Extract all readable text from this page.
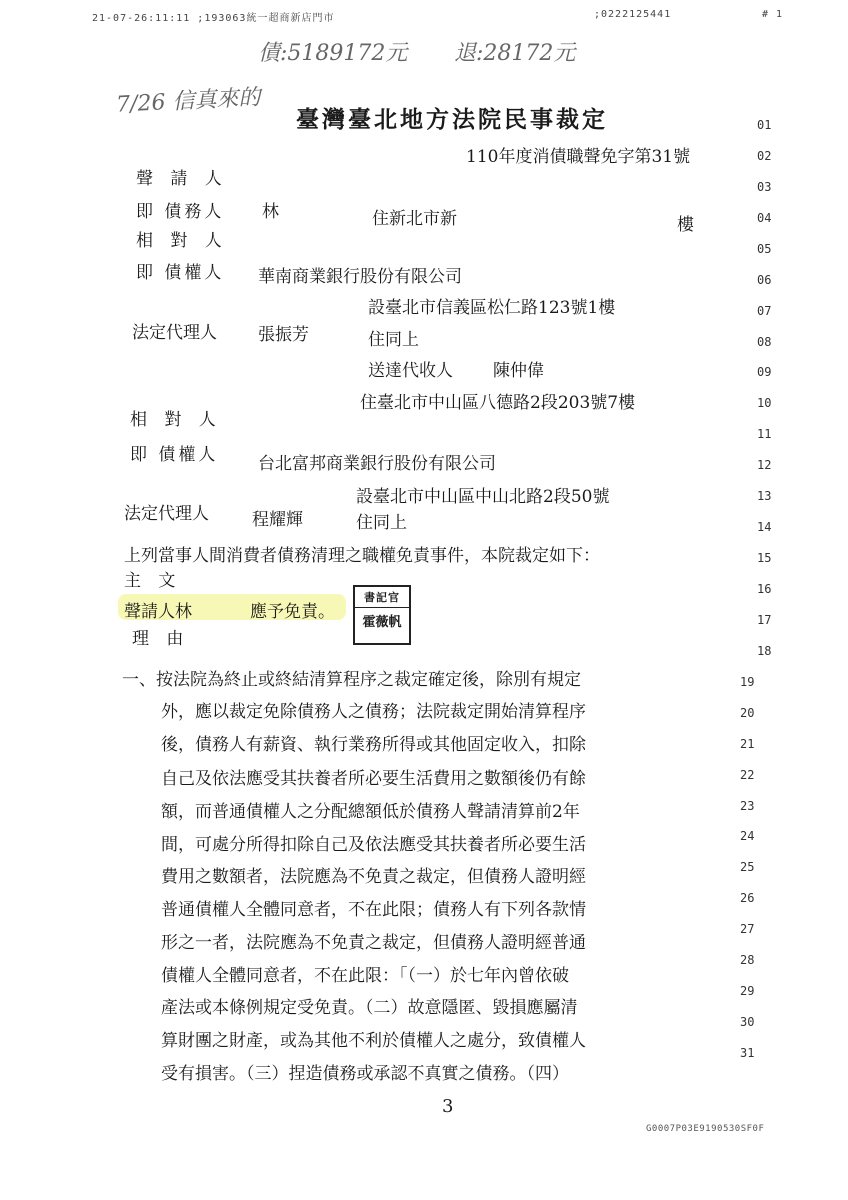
21-07-26:11:11 ;193063統一超商新店門市	;0222125441	# 1
債:5189172元 退:28172元
7/26 信真來的
臺灣臺北地方法院民事裁定
110年度消債職聲免字第31號
聲 請 人
即 債務人 林	住新北市新	樓
相 對 人
即 債權人 華南商業銀行股份有限公司
設臺北市信義區松仁路123號1樓
法定代理人 張振芳	住同上
送達代收人 陳仲偉
住臺北市中山區八德路2段203號7樓
相 對 人
即 債權人 台北富邦商業銀行股份有限公司
設臺北市中山區中山北路2段50號
法定代理人	程耀輝	住同上
上列當事人間消費者債務清理之職權免責事件，本院裁定如下：
主 文
聲請人林	應予免責。
書記官
霍薇帆
理 由
一、按法院為終止或終結清算程序之裁定確定後，除別有規定
外，應以裁定免除債務人之債務；法院裁定開始清算程序
後，債務人有薪資、執行業務所得或其他固定收入，扣除
自己及依法應受其扶養者所必要生活費用之數額後仍有餘
額，而普通債權人之分配總額低於債務人聲請清算前2年
間，可處分所得扣除自己及依法應受其扶養者所必要生活
費用之數額者，法院應為不免責之裁定，但債務人證明經
普通債權人全體同意者，不在此限；債務人有下列各款情
形之一者，法院應為不免責之裁定，但債務人證明經普通
債權人全體同意者，不在此限：「（一）於七年內曾依破
產法或本條例規定受免責。（二）故意隱匿、毀損應屬清
算財團之財產，或為其他不利於債權人之處分，致債權人
受有損害。（三）捏造債務或承認不真實之債務。（四）
01
02
03
04
05
06
07
08
09
10
11
12
13
14
15
16
17
18
19
20
21
22
23
24
25
26
27
28
29
30
31
3
G0007P03E9190530SF0F
